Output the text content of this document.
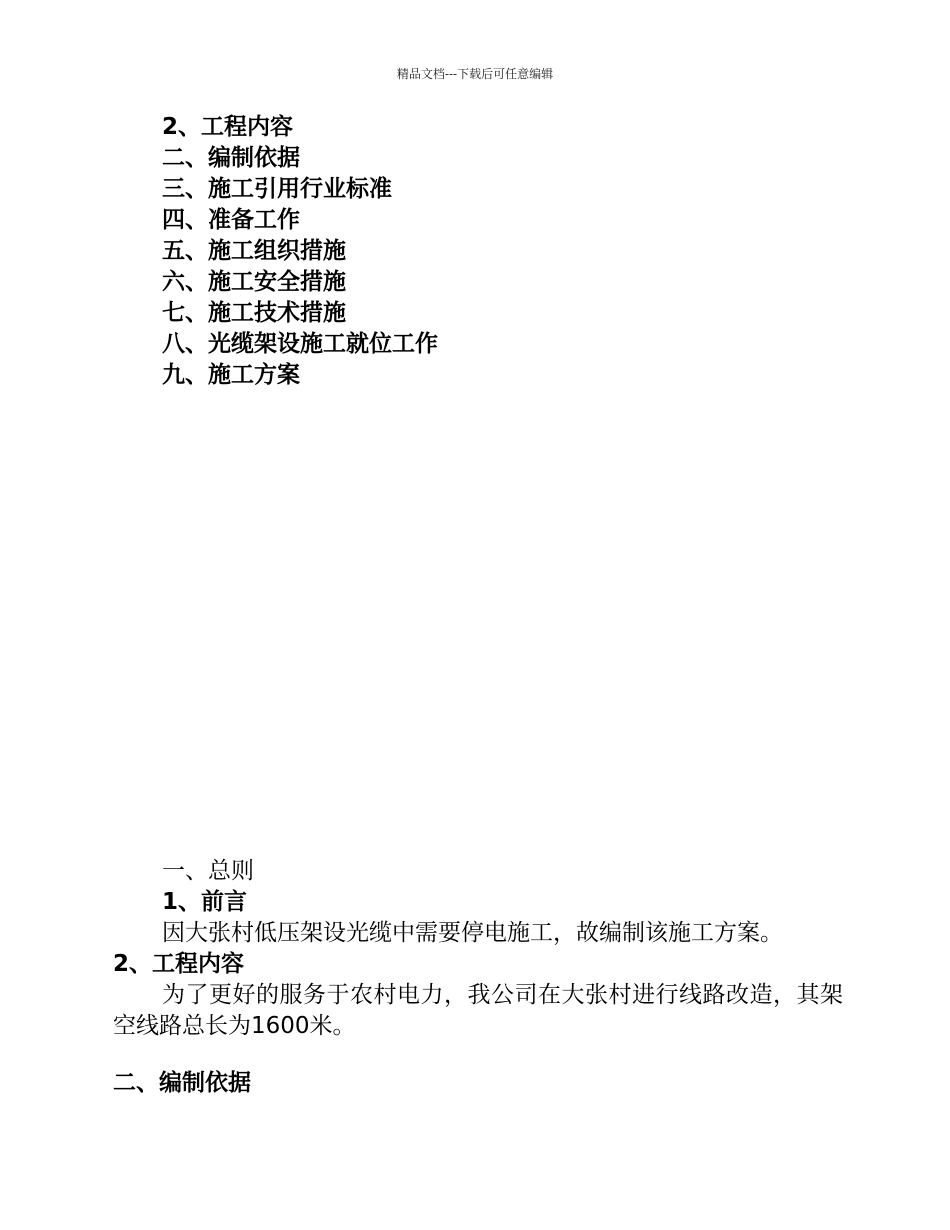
精品文档---下载后可任意编辑
2、工程内容
二、编制依据
三、施工引用行业标准
四、准备工作
五、施工组织措施
六、施工安全措施
七、施工技术措施
八、光缆架设施工就位工作
九、施工方案
一、总则
1、前言
因大张村低压架设光缆中需要停电施工，故编制该施工方案。
2、工程内容

为了更好的服务于农村电力，我公司在大张村进行线路改造，其架空线路总长为1600米。

二、编制依据
